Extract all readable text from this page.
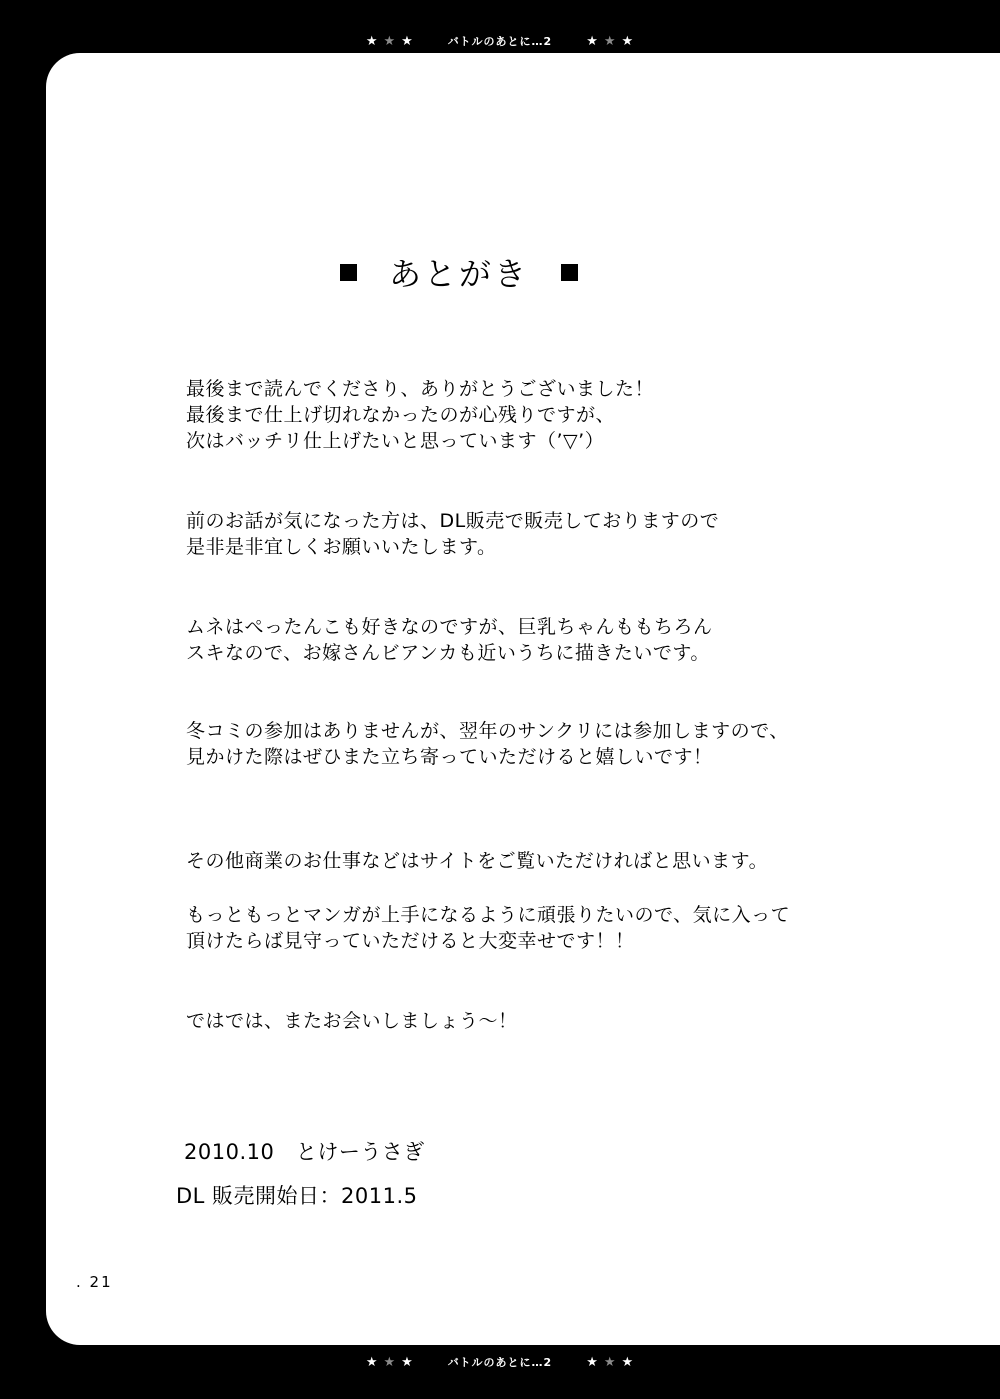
★ ★ ★	バトルのあとに…2	★ ★ ★
あとがき

最後まで読んでくださり、ありがとうございました！
最後まで仕上げ切れなかったのが心残りですが、
次はバッチリ仕上げたいと思っています（’▽’）

前のお話が気になった方は、DL販売で販売しておりますので
是非是非宜しくお願いいたします。

ムネはぺったんこも好きなのですが、巨乳ちゃんももちろん
スキなので、お嫁さんビアンカも近いうちに描きたいです。

冬コミの参加はありませんが、翌年のサンクリには参加しますので、
見かけた際はぜひまた立ち寄っていただけると嬉しいです！

その他商業のお仕事などはサイトをご覧いただければと思います。

もっともっとマンガが上手になるように頑張りたいので、気に入って
頂けたらば見守っていただけると大変幸せです！！

ではでは、またお会いしましょう～！

2010.10　とけーうさぎ
DL 販売開始日：2011.5
. 21
★ ★ ★	バトルのあとに…2	★ ★ ★
